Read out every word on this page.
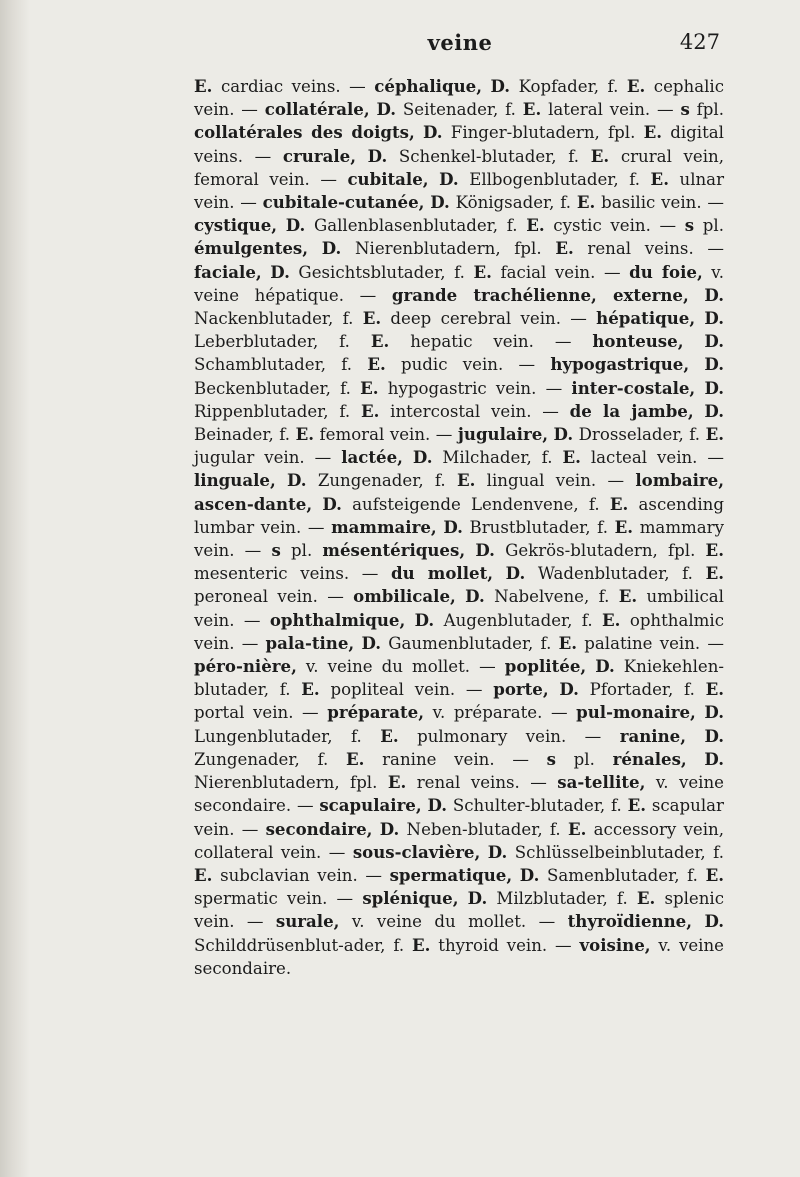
veine	427

E. cardiac veins. — céphalique, D. Kopfader, f. E. cephalic vein. — collatérale, D. Seitenader, f. E. lateral vein. — s fpl. collatérales des doigts, D. Finger-blutadern, fpl. E. digital veins. — crurale, D. Schenkel-blutader, f. E. crural vein, femoral vein. — cubitale, D. Ellbogenblutader, f. E. ulnar vein. — cubitale-cutanée, D. Königsader, f. E. basilic vein. — cystique, D. Gallenblasenblutader, f. E. cystic vein. — s pl. émulgentes, D. Nierenblutadern, fpl. E. renal veins. — faciale, D. Gesichtsblutader, f. E. facial vein. — du foie, v. veine hépatique. — grande trachélienne, externe, D. Nackenblutader, f. E. deep cerebral vein. — hépatique, D. Leberblutader, f. E. hepatic vein. — honteuse, D. Schamblutader, f. E. pudic vein. — hypogastrique, D. Beckenblutader, f. E. hypogastric vein. — inter-costale, D. Rippenblutader, f. E. intercostal vein. — de la jambe, D. Beinader, f. E. femoral vein. — jugulaire, D. Drosselader, f. E. jugular vein. — lactée, D. Milchader, f. E. lacteal vein. — linguale, D. Zungenader, f. E. lingual vein. — lombaire, ascen-dante, D. aufsteigende Lendenvene, f. E. ascending lumbar vein. — mammaire, D. Brustblutader, f. E. mammary vein. — s pl. mésentériques, D. Gekrös-blutadern, fpl. E. mesenteric veins. — du mollet, D. Wadenblutader, f. E. peroneal vein. — ombilicale, D. Nabelvene, f. E. umbilical vein. — ophthalmique, D. Augenblutader, f. E. ophthalmic vein. — pala-tine, D. Gaumenblutader, f. E. palatine vein. — péro-nière, v. veine du mollet. — poplitée, D. Kniekehlen-blutader, f. E. popliteal vein. — porte, D. Pfortader, f. E. portal vein. — préparate, v. préparate. — pul-monaire, D. Lungenblutader, f. E. pulmonary vein. — ranine, D. Zungenader, f. E. ranine vein. — s pl. rénales, D. Nierenblutadern, fpl. E. renal veins. — sa-tellite, v. veine secondaire. — scapulaire, D. Schulter-blutader, f. E. scapular vein. — secondaire, D. Neben-blutader, f. E. accessory vein, collateral vein. — sous-clavière, D. Schlüsselbeinblutader, f. E. subclavian vein. — spermatique, D. Samenblutader, f. E. spermatic vein. — splénique, D. Milzblutader, f. E. splenic vein. — surale, v. veine du mollet. — thyroïdienne, D. Schilddrüsenblut-ader, f. E. thyroid vein. — voisine, v. veine secondaire.
